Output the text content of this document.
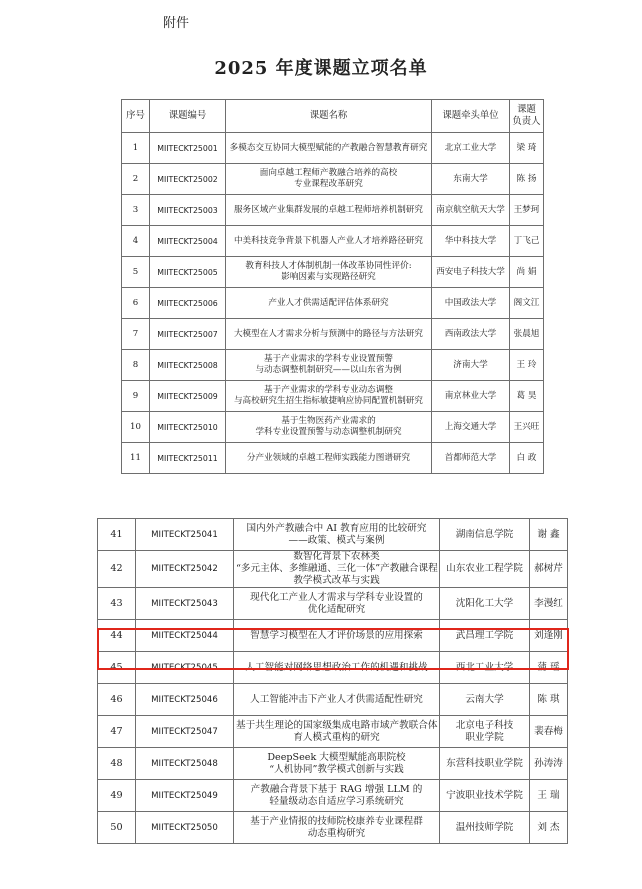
附件
2025 年度课题立项名单
序号	课题编号	课题名称	课题牵头单位	课题
负责人
1	MIITECKT25001	多模态交互协同大模型赋能的产教融合智慧教育研究	北京工业大学	梁 琦
2	MIITECKT25002	面向卓越工程师产教融合培养的高校
专业课程改革研究	东南大学	陈 扬
3	MIITECKT25003	服务区域产业集群发展的卓越工程师培养机制研究	南京航空航天大学	王梦珂
4	MIITECKT25004	中美科技竞争背景下机器人产业人才培养路径研究	华中科技大学	丁飞己
5	MIITECKT25005	教育科技人才体制机制一体改革协同性评价:
影响因素与实现路径研究	西安电子科技大学	尚 娟
6	MIITECKT25006	产业人才供需适配评估体系研究	中国政法大学	阁文江
7	MIITECKT25007	大模型在人才需求分析与预测中的路径与方法研究	西南政法大学	张晨旭
8	MIITECKT25008	基于产业需求的学科专业设置预警
与动态调整机制研究——以山东省为例	济南大学	王 玲
9	MIITECKT25009	基于产业需求的学科专业动态调整
与高校研究生招生指标敏捷响应协同配置机制研究	南京林业大学	葛 昊
10	MIITECKT25010	基于生物医药产业需求的
学科专业设置预警与动态调整机制研究	上海交通大学	王兴旺
11	MIITECKT25011	分产业领域的卓越工程师实践能力图谱研究	首都师范大学	白 政
41	MIITECKT25041	国内外产教融合中 AI 教育应用的比较研究
——政策、模式与案例	湖南信息学院	谢 鑫
42	MIITECKT25042	数智化背景下农林类
“多元主体、多维融通、三化一体”产教融合课程
教学模式改革与实践	山东农业工程学院	郝树芹
43	MIITECKT25043	现代化工产业人才需求与学科专业设置的
优化适配研究	沈阳化工大学	李漫红
44	MIITECKT25044	智慧学习模型在人才评价场景的应用探索	武昌理工学院	刘逢刚
45	MIITECKT25045	人工智能对网络思想政治工作的机遇和挑战	西北工业大学	蒲 瑶
46	MIITECKT25046	人工智能冲击下产业人才供需适配性研究	云南大学	陈 琪
47	MIITECKT25047	基于共生理论的国家级集成电路市域产教联合体
育人模式重构的研究	北京电子科技
职业学院	裴春梅
48	MIITECKT25048	DeepSeek 大模型赋能高职院校
“人机协同”教学模式创新与实践	东营科技职业学院	孙涛涛
49	MIITECKT25049	产教融合背景下基于 RAG 增强 LLM 的
轻量级动态自适应学习系统研究	宁波职业技术学院	王 瑞
50	MIITECKT25050	基于产业情报的技师院校康养专业课程群
动态重构研究	温州技师学院	刘 杰
